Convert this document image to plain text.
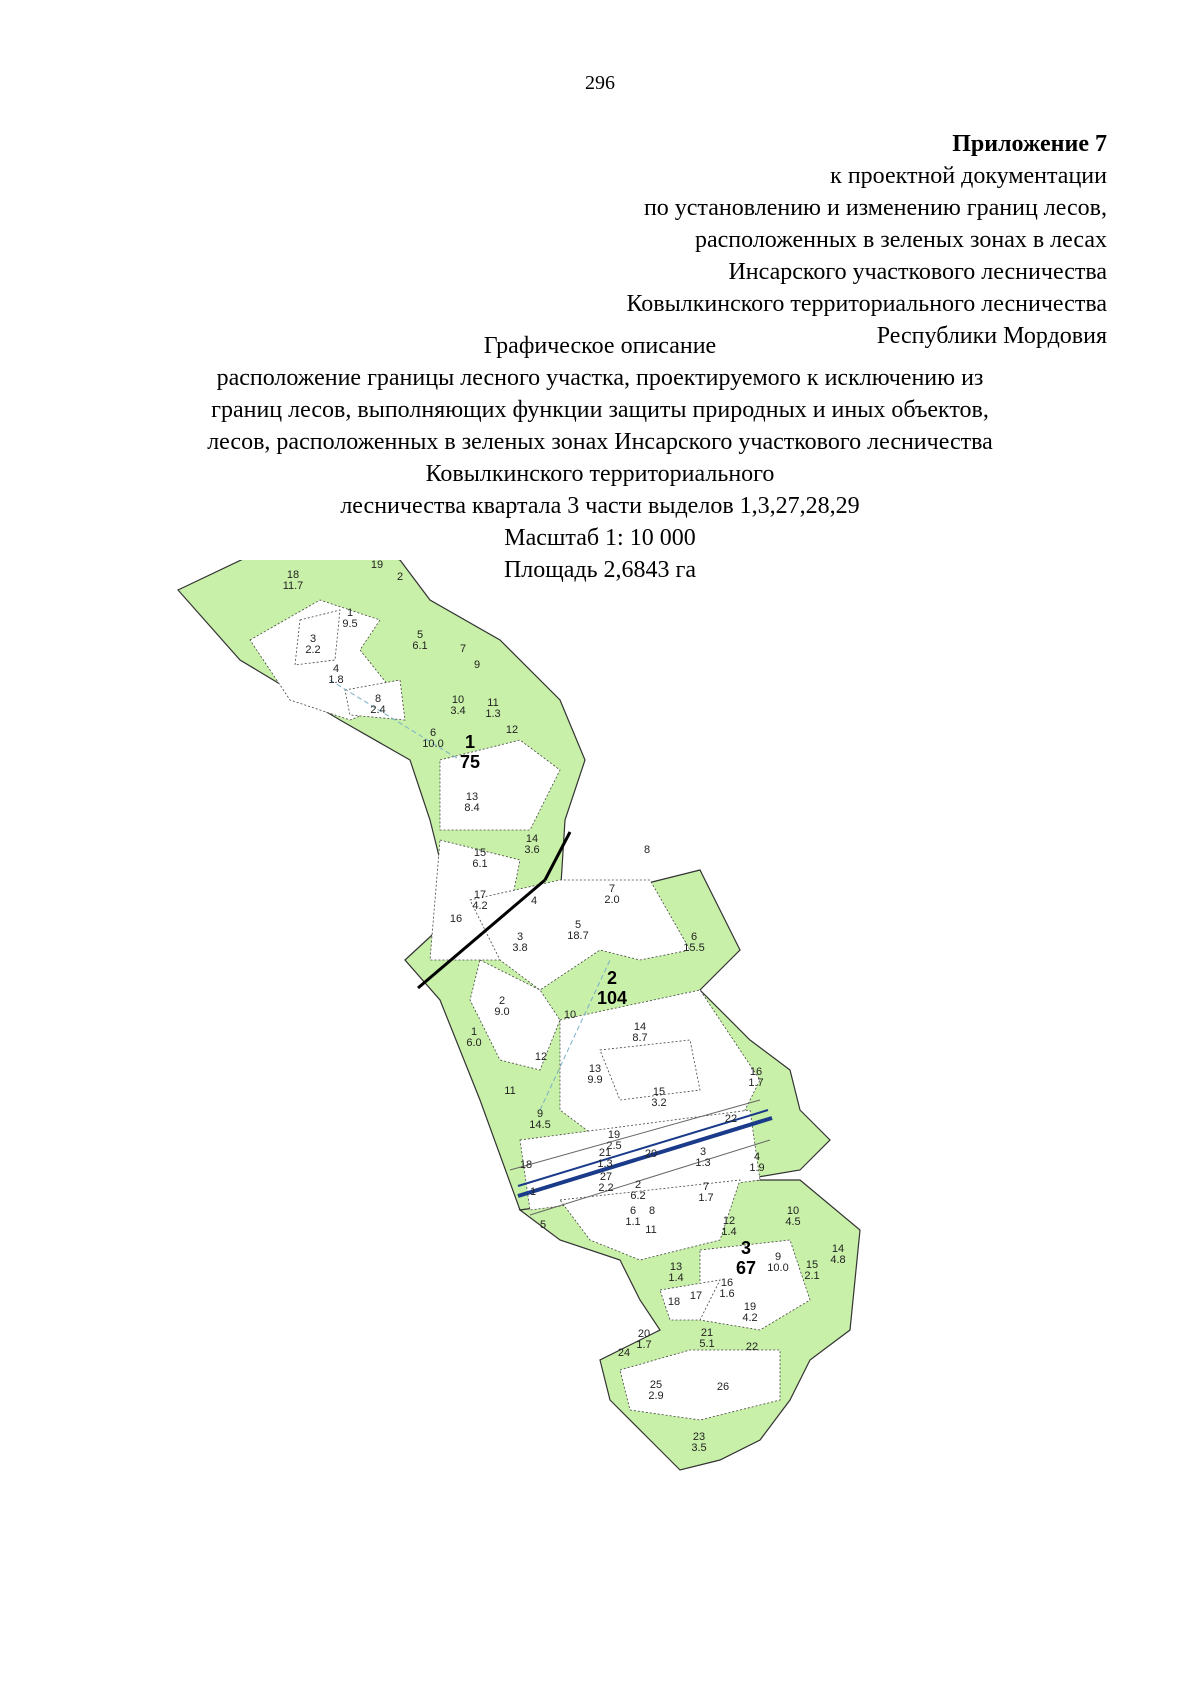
296
Приложение 7
к проектной документации
по установлению и изменению границ лесов,
расположенных в зеленых зонах в лесах
Инсарского участкового лесничества
Ковылкинского территориального лесничества
Республики Мордовия
Графическое описание
расположение границы лесного участка, проектируемого к исключению из
границ лесов, выполняющих функции защиты природных и иных объектов,
лесов, расположенных в зеленых зонах Инсарского участкового лесничества
Ковылкинского территориального
лесничества квартала 3 части выделов 1,3,27,28,29
Масштаб 1: 10 000
Площадь 2,6843 га
1
75
2
104
3
67
18
11.7
19
2
1
9.5
3
2.2
5
6.1	7
4
1.8
9
8
2.4
10
3.4
11
1.3
6
10.0
12
13
8.4
14
3.6
15
6.1
17
4.2
16
8
7
2.0
4
5
18.7
3
3.8
6
15.5
2
9.0	10
14
8.7
1
6.0
12
13
9.9
16
1.7
15
3.2
11
9
14.5	22
19
2.5
21
1.3
20	3
1.3	4
1.9
18
27
2.2 2
6.2
7
1.7
1
10
4.5
6
1.1
8
12
1.4
5	11
14
4.8
9
10.0 15
2.1
13
1.4	16
1.6
17
18	19
4.2
20
1.7
21
5.1
24	22
25
2.9
26
23
3.5
